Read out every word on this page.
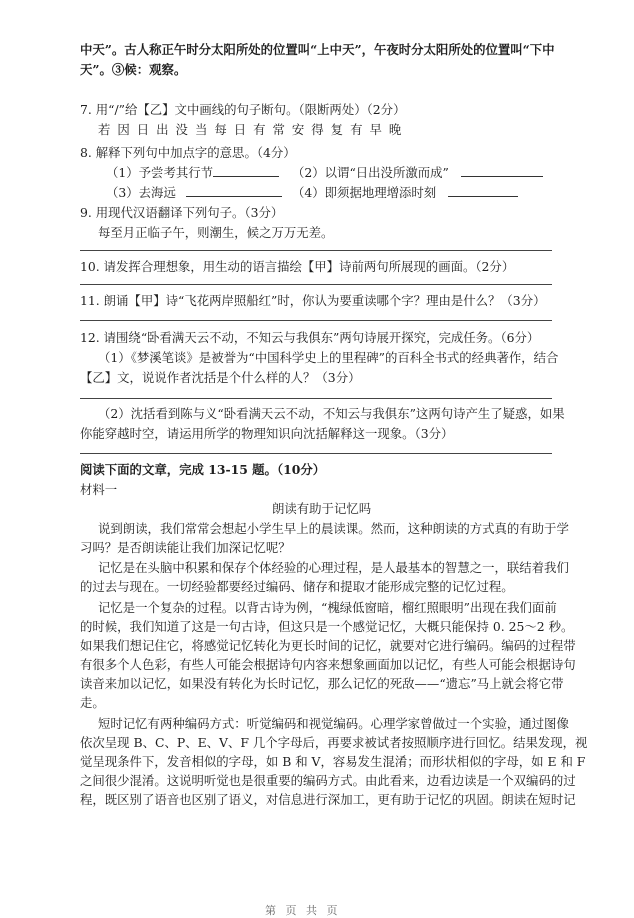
中天”。古人称正午时分太阳所处的位置叫“上中天”，午夜时分太阳所处的位置叫“下中
天”。③候：观察。
7. 用“/”给【乙】文中画线的句子断句。（限断两处）（2分）
若因日出没当每日有常安得复有早晚
8. 解释下列句中加点字的意思。（4分）
（1）予尝考其行节	（2）以谓“日出没所激而成”
（3）去海远	（4）即须据地理增添时刻
9. 用现代汉语翻译下列句子。（3分）
每至月正临子午，则潮生，候之万万无差。
10. 请发挥合理想象，用生动的语言描绘【甲】诗前两句所展现的画面。（2分）
11. 朗诵【甲】诗“飞花两岸照船红”时，你认为要重读哪个字？理由是什么？（3分）
12. 请围绕“卧看满天云不动，不知云与我俱东”两句诗展开探究，完成任务。（6分）
（1）《梦溪笔谈》是被誉为“中国科学史上的里程碑”的百科全书式的经典著作，结合
【乙】文，说说作者沈括是个什么样的人？（3分）
（2）沈括看到陈与义“卧看满天云不动，不知云与我俱东”这两句诗产生了疑惑，如果
你能穿越时空，请运用所学的物理知识向沈括解释这一现象。（3分）
阅读下面的文章，完成 13-15 题。（10分）
材料一
朗读有助于记忆吗
说到朗读，我们常常会想起小学生早上的晨读课。然而，这种朗读的方式真的有助于学
习吗？是否朗读能让我们加深记忆呢？
记忆是在头脑中积累和保存个体经验的心理过程，是人最基本的智慧之一，联结着我们
的过去与现在。一切经验都要经过编码、储存和提取才能形成完整的记忆过程。
记忆是一个复杂的过程。以背古诗为例，“槐绿低窗暗，榴红照眼明”出现在我们面前
的时候，我们知道了这是一句古诗，但这只是一个感觉记忆，大概只能保持 0. 25～2 秒。
如果我们想记住它，将感觉记忆转化为更长时间的记忆，就要对它进行编码。编码的过程带
有很多个人色彩，有些人可能会根据诗句内容来想象画面加以记忆，有些人可能会根据诗句
读音来加以记忆，如果没有转化为长时记忆，那么记忆的死敌——“遗忘”马上就会将它带
走。
短时记忆有两种编码方式：听觉编码和视觉编码。心理学家曾做过一个实验，通过图像
依次呈现 B、C、P、E、V、F 几个字母后，再要求被试者按照顺序进行回忆。结果发现，视
觉呈现条件下，发音相似的字母，如 B 和 V，容易发生混淆；而形状相似的字母，如 E 和 F
之间很少混淆。这说明听觉也是很重要的编码方式。由此看来，边看边读是一个双编码的过
程，既区别了语音也区别了语义，对信息进行深加工，更有助于记忆的巩固。朗读在短时记
第 页 共 页
